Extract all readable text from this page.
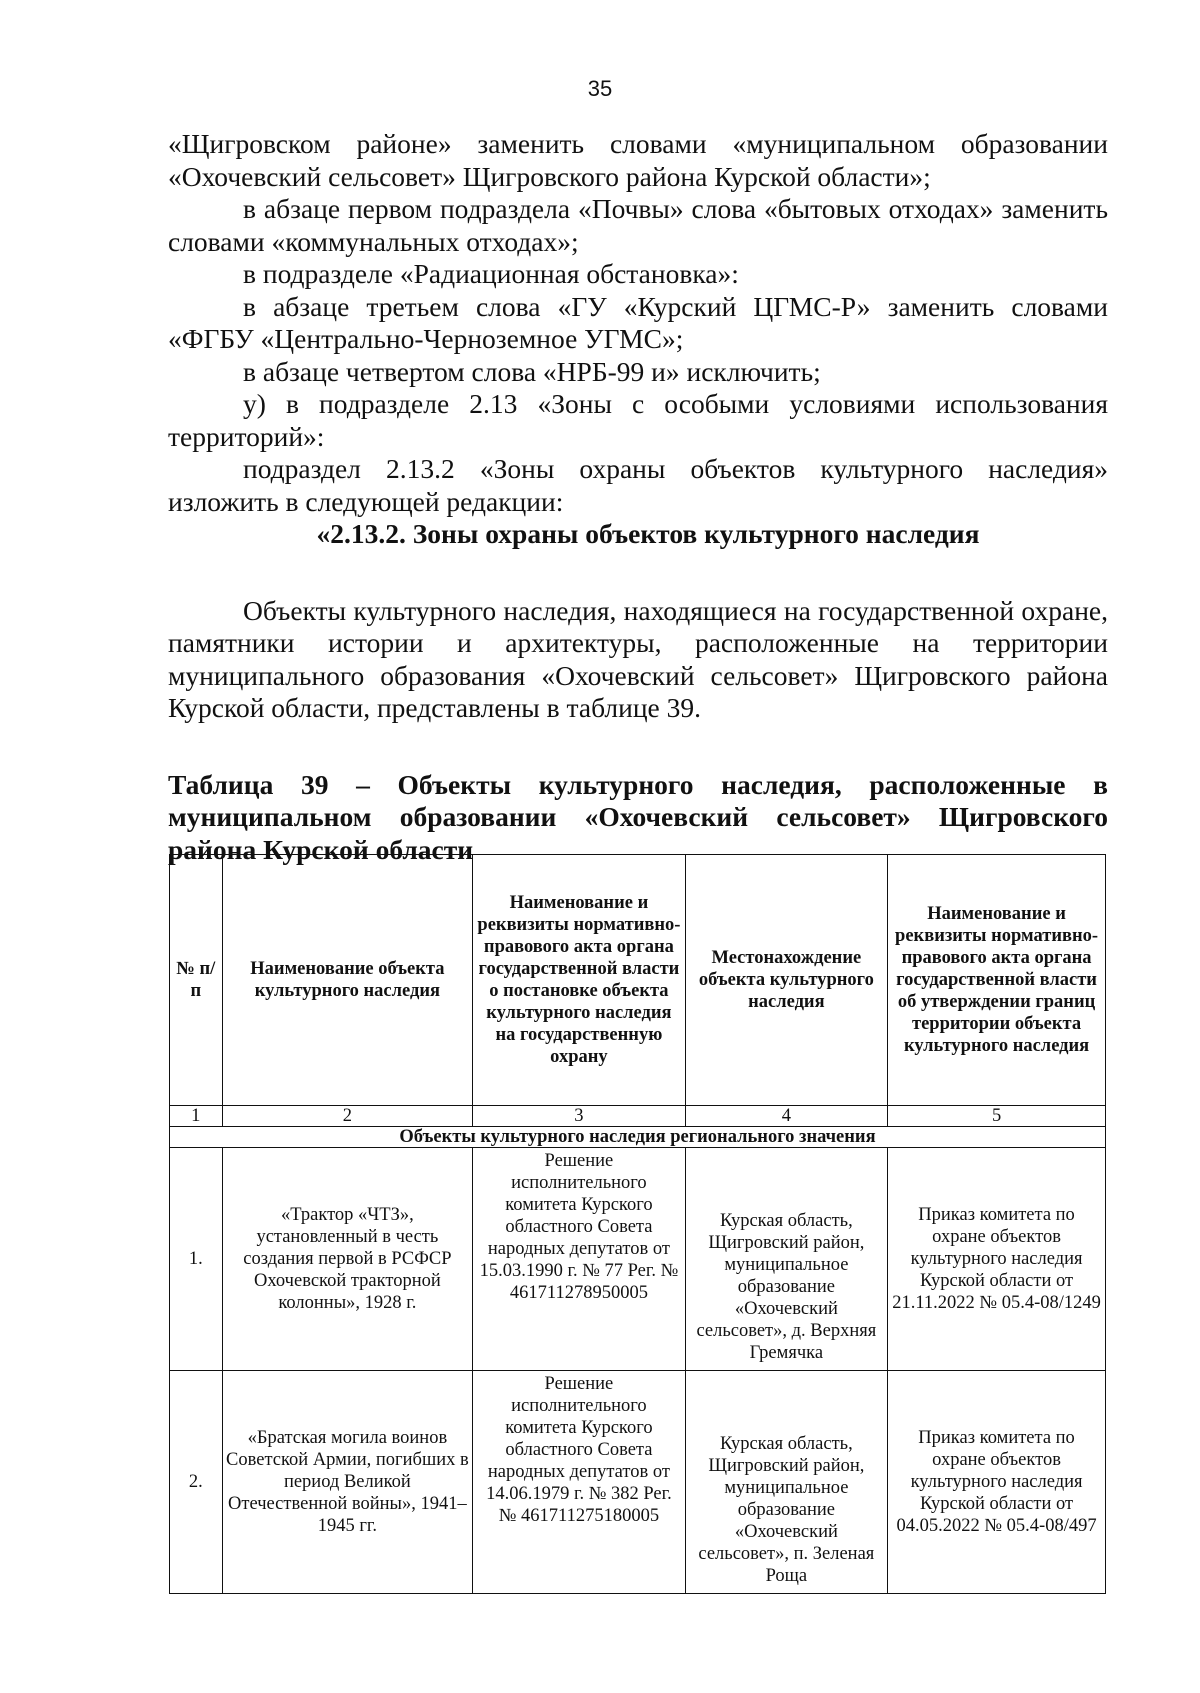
35

«Щигровском районе» заменить словами «муниципальном образовании «Охочевский сельсовет» Щигровского района Курской области»;

в абзаце первом подраздела «Почвы» слова «бытовых отходах» заменить словами «коммунальных отходах»;

в подразделе «Радиационная обстановка»:

в абзаце третьем слова «ГУ «Курский ЦГМС-Р» заменить словами «ФГБУ «Центрально-Черноземное УГМС»;

в абзаце четвертом слова «НРБ-99 и» исключить;

у) в подразделе 2.13 «Зоны с особыми условиями использования территорий»:

подраздел 2.13.2 «Зоны охраны объектов культурного наследия» изложить в следующей редакции:

«2.13.2. Зоны охраны объектов культурного наследия

Объекты культурного наследия, находящиеся на государственной охране, памятники истории и архитектуры, расположенные на территории муниципального образования «Охочевский сельсовет» Щигровского района Курской области, представлены в таблице 39.

Таблица 39 – Объекты культурного наследия, расположенные в муниципальном образовании «Охочевский сельсовет» Щигровского района Курской области

№ п/п	Наименование объекта культурного наследия	Наименование и реквизиты нормативно-правового акта органа государственной власти о постановке объекта культурного наследия на государственную охрану	Местонахождение объекта культурного наследия	Наименование и реквизиты нормативно-правового акта органа государственной власти об утверждении границ территории объекта культурного наследия
1	2	3	4	5
Объекты культурного наследия регионального значения				
1.	«Трактор «ЧТЗ», установленный в честь создания первой в РСФСР Охочевской тракторной колонны», 1928 г.	Решение исполнительного комитета Курского областного Совета народных депутатов от 15.03.1990 г. № 77 Рег. № 461711278950005	Курская область, Щигровский район, муниципальное образование «Охочевский сельсовет», д. Верхняя Гремячка	Приказ комитета по охране объектов культурного наследия Курской области от 21.11.2022 № 05.4-08/1249
2.	«Братская могила воинов Советской Армии, погибших в период Великой Отечественной войны», 1941–1945 гг.	Решение исполнительного комитета Курского областного Совета народных депутатов от 14.06.1979 г. № 382 Рег. № 461711275180005	Курская область, Щигровский район, муниципальное образование «Охочевский сельсовет», п. Зеленая Роща	Приказ комитета по охране объектов культурного наследия Курской области от 04.05.2022 № 05.4-08/497
